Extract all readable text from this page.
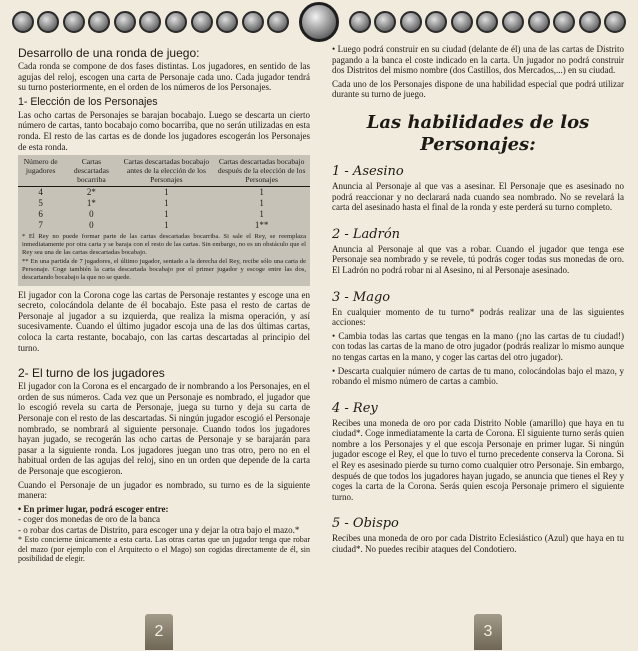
Desarrollo de una ronda de juego:

Cada ronda se compone de dos fases distintas. Los jugadores, en sentido de las agujas del reloj, escogen una carta de Personaje cada uno. Cada jugador tendrá su turno posteriormente, en el orden de los números de los Personajes.

1- Elección de los Personajes

Las ocho cartas de Personajes se barajan bocabajo. Luego se descarta un cierto número de cartas, tanto bocabajo como bocarriba, que no serán utilizadas en esta ronda. El resto de las cartas es de donde los jugadores escogerán los Personajes de esta ronda.

Número de jugadores	Cartas descartadas bocarriba	Cartas descartadas bocabajo antes de la elección de los Personajes	Cartas descartadas bocabajo después de la elección de los Personajes
4	2*	1	1
5	1*	1	1
6	0	1	1
7	0	1	1**

* El Rey no puede formar parte de las cartas descartadas bocarriba. Si sale el Rey, se reemplaza inmediatamente por otra carta y se baraja con el resto de las cartas. Sin embargo, no es un obstáculo que el Rey sea una de las cartas descartadas bocabajo.

** En una partida de 7 jugadores, el último jugador, sentado a la derecha del Rey, recibe sólo una carta de Personaje. Coge también la carta descartada bocabajo por el primer jugador y escoge entre las dos, descartando bocabajo la que no se quede.

El jugador con la Corona coge las cartas de Personaje restantes y escoge una en secreto, colocándola delante de él bocabajo. Este pasa el resto de cartas de Personaje al jugador a su izquierda, que realiza la misma operación, y así sucesivamente. Cuando el último jugador escoja una de las dos últimas cartas, coloca la carta restante, bocabajo, con las cartas descartadas al principio del turno.

2- El turno de los jugadores

El jugador con la Corona es el encargado de ir nombrando a los Personajes, en el orden de sus números. Cada vez que un Personaje es nombrado, el jugador que lo escogió revela su carta de Personaje, juega su turno y deja su carta de Personaje con el resto de las descartadas. Si ningún jugador escogió el Personaje nombrado, se nombrará al siguiente personaje. Cuando todos los jugadores hayan jugado, se recogerán las ocho cartas de Personaje y se barajarán para pasar a la siguiente ronda. Los jugadores juegan uno tras otro, pero no en el habitual orden de las agujas del reloj, sino en un orden que depende de la carta de Personaje que escogieron.

Cuando el Personaje de un jugador es nombrado, su turno es de la siguiente manera:

• En primer lugar, podrá escoger entre:
- coger dos monedas de oro de la banca
- o robar dos cartas de Distrito, para escoger una y dejar la otra bajo el mazo.*

* Esto concierne únicamente a esta carta. Las otras cartas que un jugador tenga que robar del mazo (por ejemplo con el Arquitecto o el Mago) son cogidas directamente de él, sin posibilidad de elegir.

• Luego podrá construir en su ciudad (delante de él) una de las cartas de Distrito pagando a la banca el coste indicado en la carta. Un jugador no podrá construir dos Distritos del mismo nombre (dos Castillos, dos Mercados,...) en su ciudad.

Cada uno de los Personajes dispone de una habilidad especial que podrá utilizar durante su turno de juego.

Las habilidades de los Personajes:
1 - Asesino

Anuncia al Personaje al que vas a asesinar. El Personaje que es asesinado no podrá reaccionar y no declarará nada cuando sea nombrado. No se revelará la carta del asesinado hasta el final de la ronda y este perderá su turno completo.

2 - Ladrón

Anuncia al Personaje al que vas a robar. Cuando el jugador que tenga ese Personaje sea nombrado y se revele, tú podrás coger todas sus monedas de oro. El Ladrón no podrá robar ni al Asesino, ni al Personaje asesinado.

3 - Mago

En cualquier momento de tu turno* podrás realizar una de las siguientes acciones:

• Cambia todas las cartas que tengas en la mano (¡no las cartas de tu ciudad!) con todas las cartas de la mano de otro jugador (podrás realizar lo mismo aunque no tengas cartas en la mano, y coger las cartas del otro jugador).

• Descarta cualquier número de cartas de tu mano, colocándolas bajo el mazo, y robando el mismo número de cartas a cambio.

4 - Rey

Recibes una moneda de oro por cada Distrito Noble (amarillo) que haya en tu ciudad*. Coge inmediatamente la carta de Corona. El siguiente turno serás quien nombre a los Personajes y el que escoja Personaje en primer lugar. Si ningún jugador escoge el Rey, el que lo tuvo el turno precedente conserva la Corona. Si el Rey es asesinado pierde su turno como cualquier otro Personaje. Sin embargo, después de que todos los jugadores hayan jugado, se anuncia que tienes el Rey y coges la carta de la Corona. Serás quien escoja Personaje primero el siguiente turno.

5 - Obispo

Recibes una moneda de oro por cada Distrito Eclesiástico (Azul) que haya en tu ciudad*. No puedes recibir ataques del Condotiero.

2	3
